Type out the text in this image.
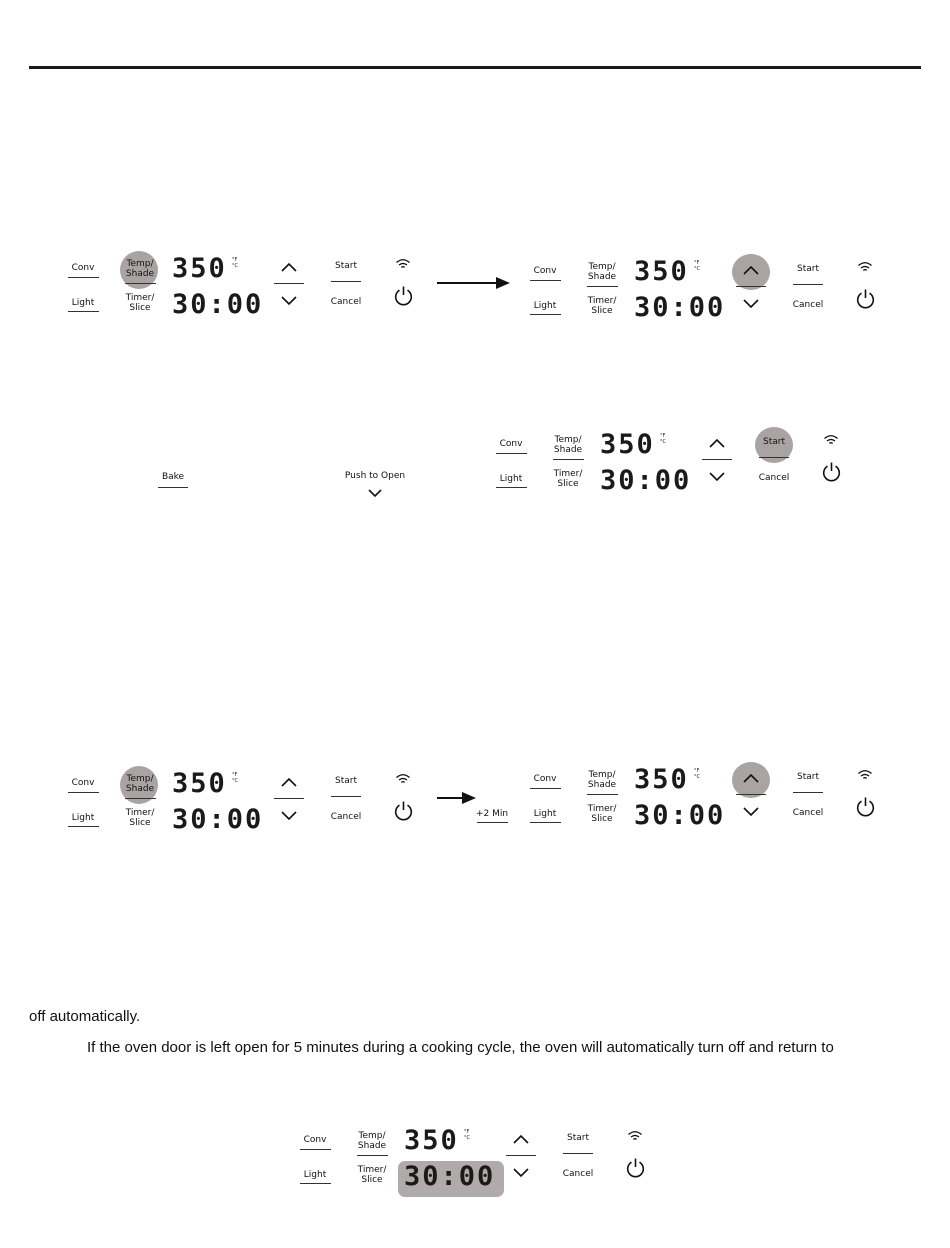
Conv
Light
Temp/
Shade
Timer/
Slice
350 °F
°C
30:00
Start
Cancel
Conv
Light
Temp/
Shade
Timer/
Slice
350 °F
°C
30:00
Start
Cancel
Conv
Light
Temp/
Shade
Timer/
Slice
350 °F
°C
30:00
Start
Cancel
Conv
Light
Temp/
Shade
Timer/
Slice
350 °F
°C
30:00
Start
Cancel
Conv
Light
Temp/
Shade
Timer/
Slice
350 °F
°C
30:00
Start
Cancel
Conv
Light
Temp/
Shade
Timer/
Slice
350 °F
°C
30:00
Start
Cancel
Bake	Push to Open
+2 Min
off automatically.
If the oven door is left open for 5 minutes during a cooking cycle, the oven will automatically turn off and return to
